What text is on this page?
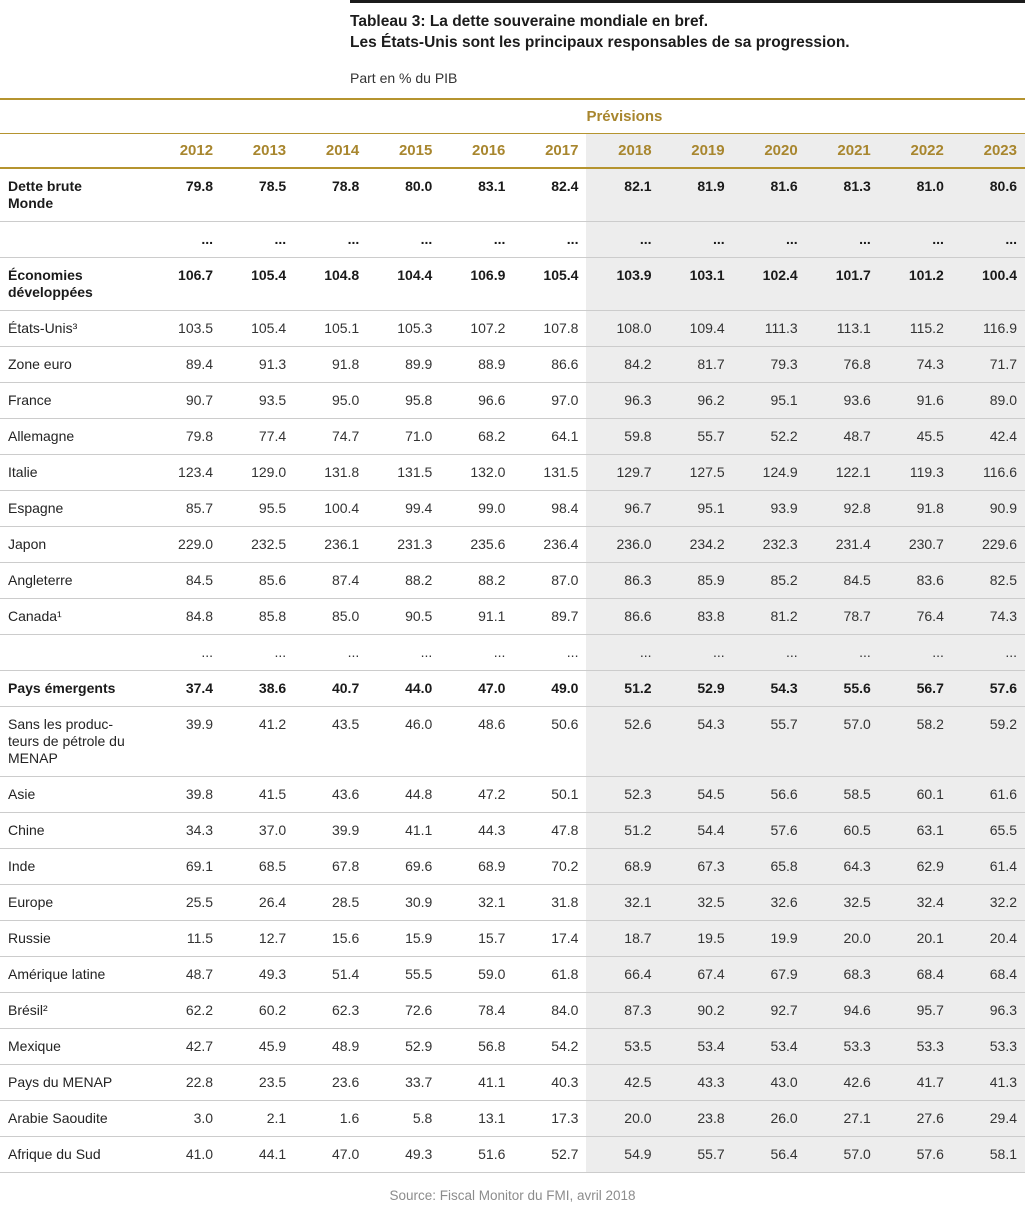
Tableau 3: La dette souveraine mondiale en bref.
Les États-Unis sont les principaux responsables de sa progression.
Part en % du PIB
							Prévisions					
	2012	2013	2014	2015	2016	2017	2018	2019	2020	2021	2022	2023

Dette brute
Monde	79.8	78.5	78.8	80.0	83.1	82.4	82.1	81.9	81.6	81.3	81.0	80.6

	...	...	...	...	...	...	...	...	...	...	...	...

Économies
développées	106.7	105.4	104.8	104.4	106.9	105.4	103.9	103.1	102.4	101.7	101.2	100.4

États-Unis³	103.5	105.4	105.1	105.3	107.2	107.8	108.0	109.4	111.3	113.1	115.2	116.9

Zone euro	89.4	91.3	91.8	89.9	88.9	86.6	84.2	81.7	79.3	76.8	74.3	71.7

France	90.7	93.5	95.0	95.8	96.6	97.0	96.3	96.2	95.1	93.6	91.6	89.0

Allemagne	79.8	77.4	74.7	71.0	68.2	64.1	59.8	55.7	52.2	48.7	45.5	42.4

Italie	123.4	129.0	131.8	131.5	132.0	131.5	129.7	127.5	124.9	122.1	119.3	116.6

Espagne	85.7	95.5	100.4	99.4	99.0	98.4	96.7	95.1	93.9	92.8	91.8	90.9

Japon	229.0	232.5	236.1	231.3	235.6	236.4	236.0	234.2	232.3	231.4	230.7	229.6

Angleterre	84.5	85.6	87.4	88.2	88.2	87.0	86.3	85.9	85.2	84.5	83.6	82.5

Canada¹	84.8	85.8	85.0	90.5	91.1	89.7	86.6	83.8	81.2	78.7	76.4	74.3

	...	...	...	...	...	...	...	...	...	...	...	...

Pays émergents	37.4	38.6	40.7	44.0	47.0	49.0	51.2	52.9	54.3	55.6	56.7	57.6

Sans les produc-
teurs de pétrole du
MENAP	39.9	41.2	43.5	46.0	48.6	50.6	52.6	54.3	55.7	57.0	58.2	59.2

Asie	39.8	41.5	43.6	44.8	47.2	50.1	52.3	54.5	56.6	58.5	60.1	61.6

Chine	34.3	37.0	39.9	41.1	44.3	47.8	51.2	54.4	57.6	60.5	63.1	65.5

Inde	69.1	68.5	67.8	69.6	68.9	70.2	68.9	67.3	65.8	64.3	62.9	61.4

Europe	25.5	26.4	28.5	30.9	32.1	31.8	32.1	32.5	32.6	32.5	32.4	32.2

Russie	11.5	12.7	15.6	15.9	15.7	17.4	18.7	19.5	19.9	20.0	20.1	20.4

Amérique latine	48.7	49.3	51.4	55.5	59.0	61.8	66.4	67.4	67.9	68.3	68.4	68.4

Brésil²	62.2	60.2	62.3	72.6	78.4	84.0	87.3	90.2	92.7	94.6	95.7	96.3

Mexique	42.7	45.9	48.9	52.9	56.8	54.2	53.5	53.4	53.4	53.3	53.3	53.3

Pays du MENAP	22.8	23.5	23.6	33.7	41.1	40.3	42.5	43.3	43.0	42.6	41.7	41.3

Arabie Saoudite	3.0	2.1	1.6	5.8	13.1	17.3	20.0	23.8	26.0	27.1	27.6	29.4

Afrique du Sud	41.0	44.1	47.0	49.3	51.6	52.7	54.9	55.7	56.4	57.0	57.6	58.1
Source: Fiscal Monitor du FMI, avril 2018
